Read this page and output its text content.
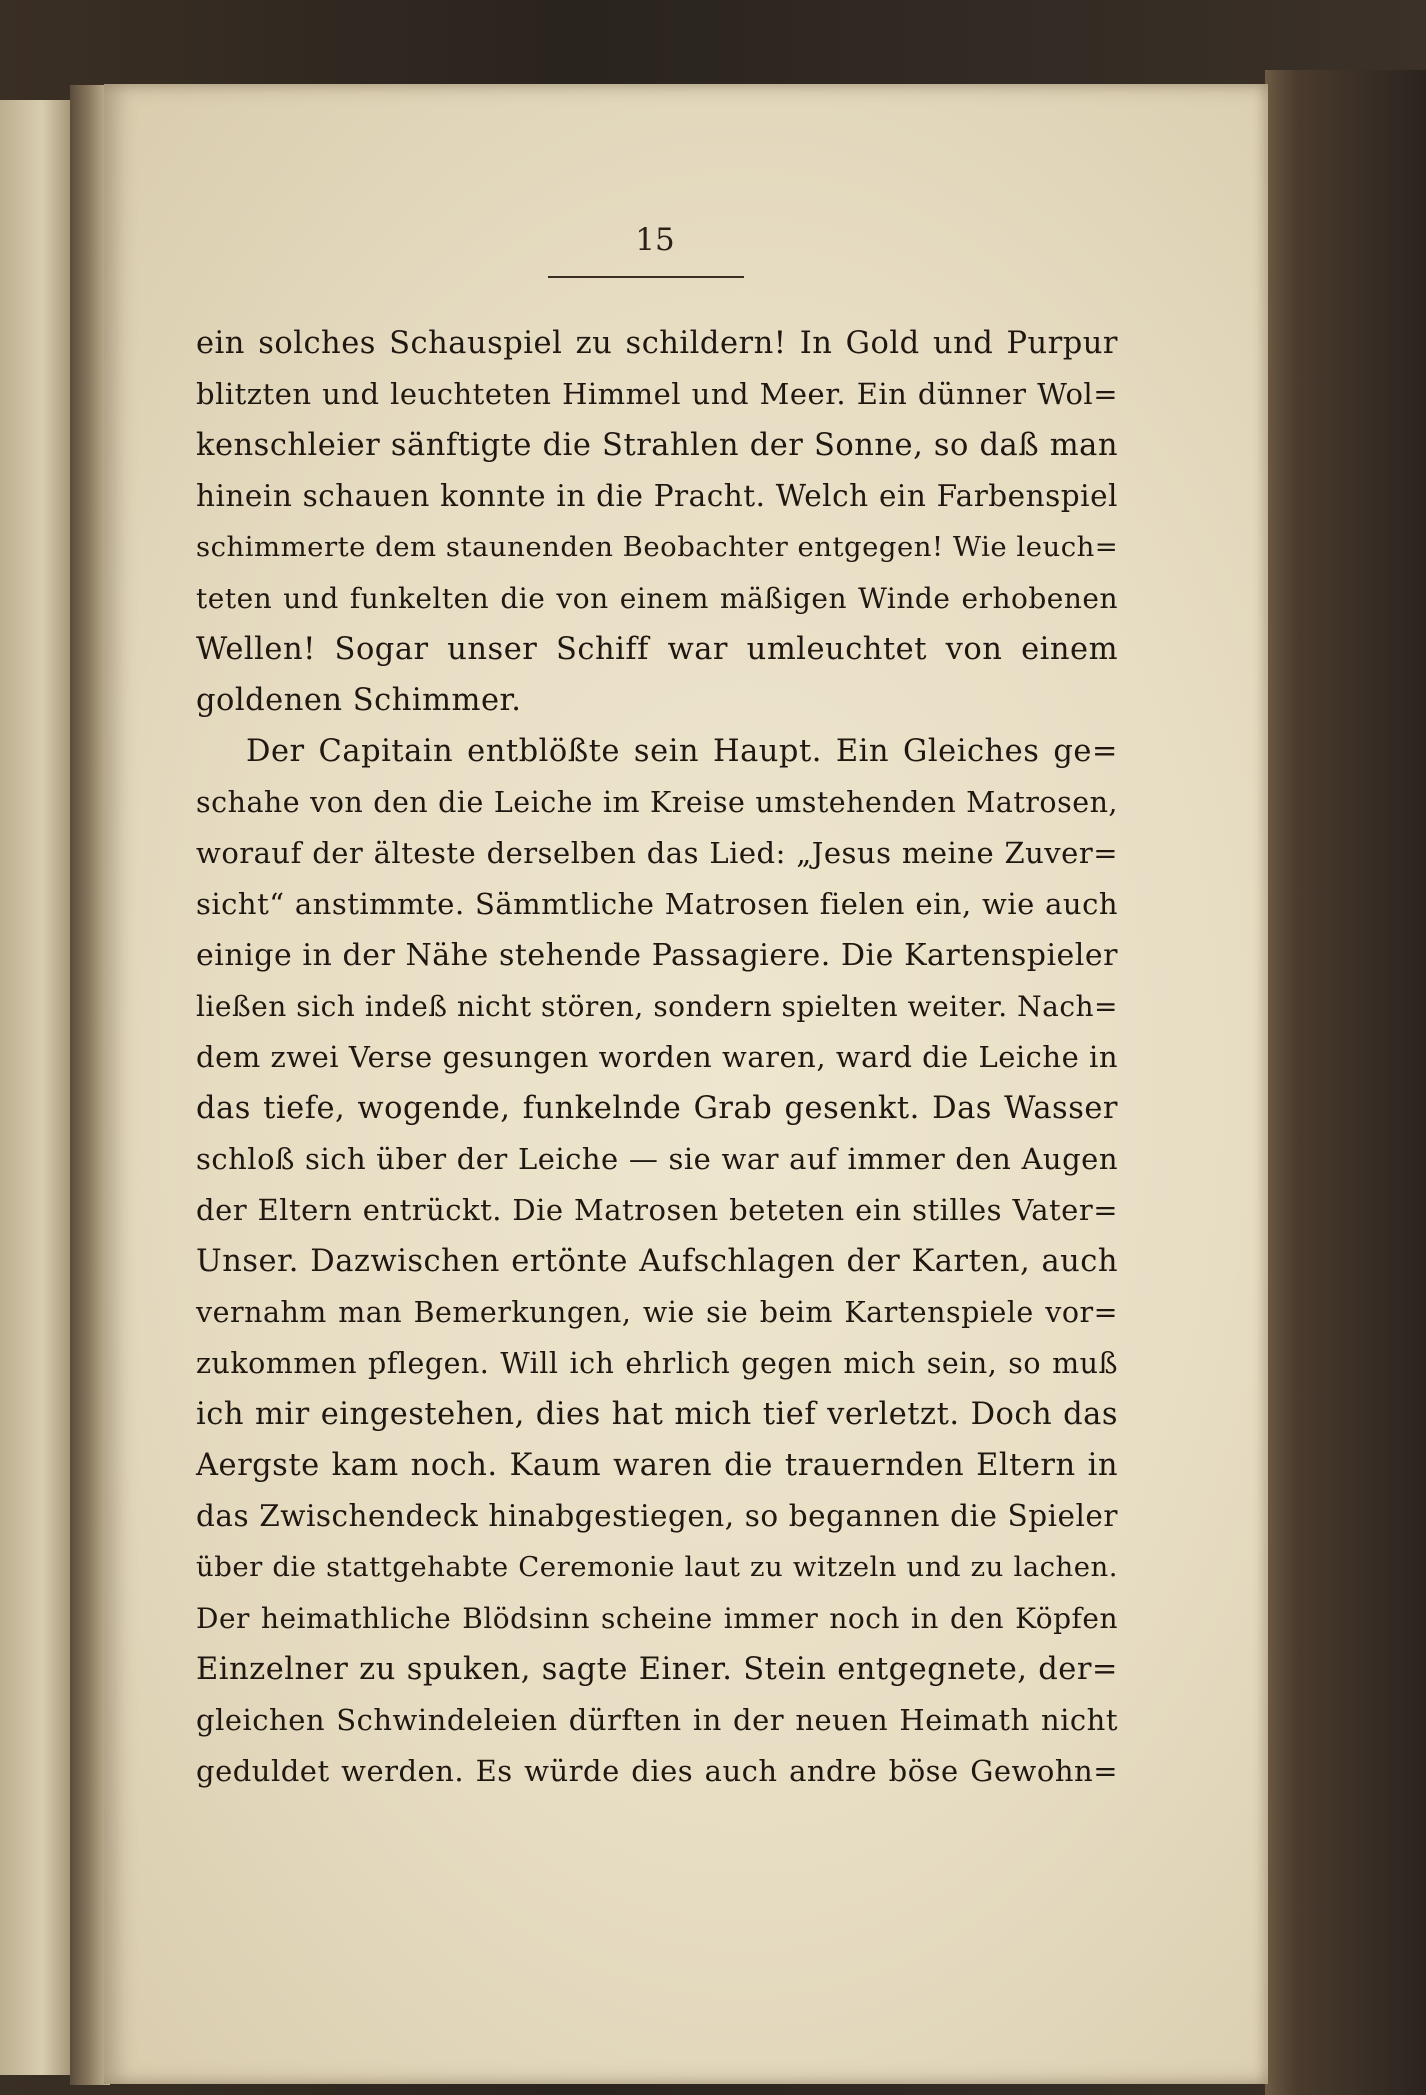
15
ein solches Schauspiel zu schildern! In Gold und Purpur
blitzten und leuchteten Himmel und Meer. Ein dünner Wol=
kenschleier sänftigte die Strahlen der Sonne, so daß man
hinein schauen konnte in die Pracht. Welch ein Farbenspiel
schimmerte dem staunenden Beobachter entgegen! Wie leuch=
teten und funkelten die von einem mäßigen Winde erhobenen
Wellen! Sogar unser Schiff war umleuchtet von einem
goldenen Schimmer.
Der Capitain entblößte sein Haupt. Ein Gleiches ge=
schahe von den die Leiche im Kreise umstehenden Matrosen,
worauf der älteste derselben das Lied: „Jesus meine Zuver=
sicht“ anstimmte. Sämmtliche Matrosen fielen ein, wie auch
einige in der Nähe stehende Passagiere. Die Kartenspieler
ließen sich indeß nicht stören, sondern spielten weiter. Nach=
dem zwei Verse gesungen worden waren, ward die Leiche in
das tiefe, wogende, funkelnde Grab gesenkt. Das Wasser
schloß sich über der Leiche — sie war auf immer den Augen
der Eltern entrückt. Die Matrosen beteten ein stilles Vater=
Unser. Dazwischen ertönte Aufschlagen der Karten, auch
vernahm man Bemerkungen, wie sie beim Kartenspiele vor=
zukommen pflegen. Will ich ehrlich gegen mich sein, so muß
ich mir eingestehen, dies hat mich tief verletzt. Doch das
Aergste kam noch. Kaum waren die trauernden Eltern in
das Zwischendeck hinabgestiegen, so begannen die Spieler
über die stattgehabte Ceremonie laut zu witzeln und zu lachen.
Der heimathliche Blödsinn scheine immer noch in den Köpfen
Einzelner zu spuken, sagte Einer. Stein entgegnete, der=
gleichen Schwindeleien dürften in der neuen Heimath nicht
geduldet werden. Es würde dies auch andre böse Gewohn=
